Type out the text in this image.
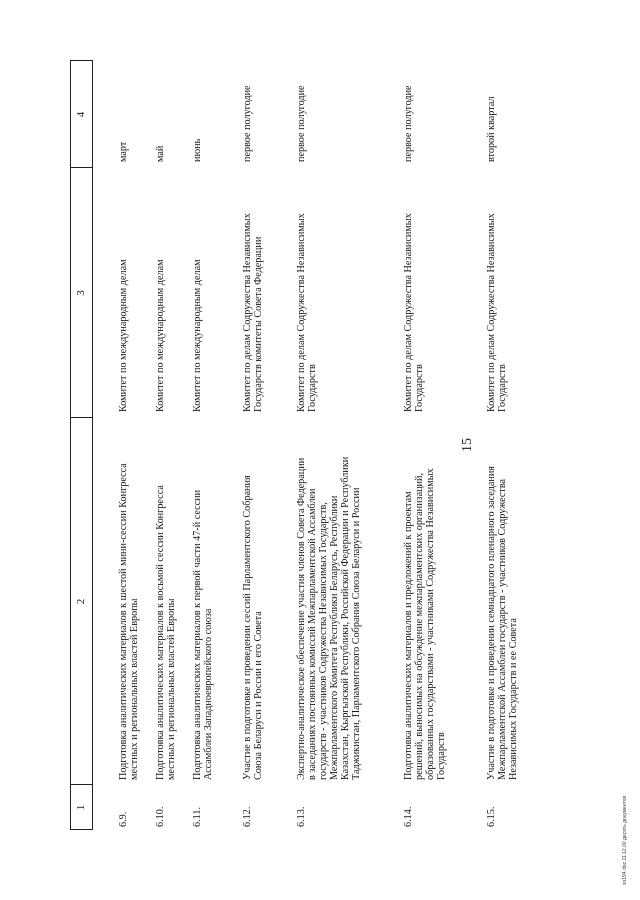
1
2
3
4
15
6.9.
Подготовка аналитических материалов к шестой мини-сессии Конгресса местных и региональных властей Европы
Комитет по международным делам
март
6.10.
Подготовка аналитических материалов к восьмой сессии Конгресса местных и региональных властей Европы
Комитет по международным делам
май
6.11.
Подготовка аналитических материалов к первой части 47-й сессии Ассамблеи Западноевропейского союза
Комитет по международным делам
июнь
6.12.
Участие в подготовке и проведении сессий Парламентского Собрания Союза Беларуси и России и его Совета
Комитет по делам Содружества Независимых Государств комитеты Совета Федерации
первое полугодие
6.13.
Экспертно-аналитическое обеспечение участия членов Совета Федерации в заседаниях постоянных комиссий Межпарламентской Ассамблеи государств - участников Содружества Независимых Государств, Межпарламентского Комитета Республики Беларусь, Республики Казахстан, Кыргызской Республики, Российской Федерации и Республики Таджикистан, Парламентского Собрания Союза Беларуси и России
Комитет по делам Содружества Независимых Государств
первое полугодие
6.14.
Подготовка аналитических материалов и предложений к проектам решений, выносимых на обсуждение межпарламентских организаций, образованных государствами - участниками Содружества Независимых Государств
Комитет по делам Содружества Независимых Государств
первое полугодие
6.15.
Участие в подготовке и проведении семнадцатого пленарного заседания Межпарламентской Ассамблеи государств - участников Содружества Независимых Государств и ее Совета
Комитет по делам Содружества Независимых Государств
второй квартал
sn194 doc 11.12.00 десять документов
